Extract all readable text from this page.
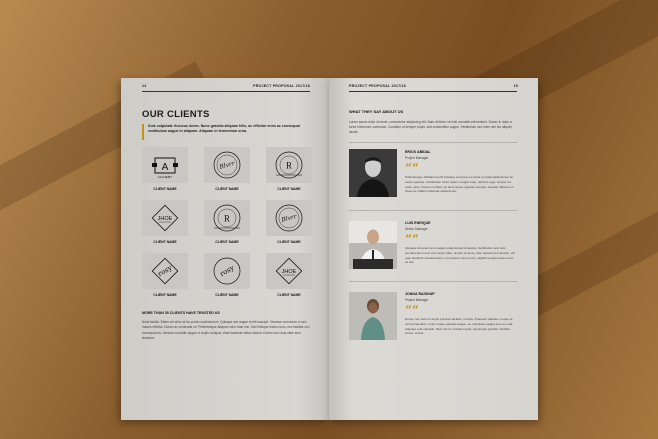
14	PROJECT PROPOSAL 2017/18
OUR CLIENTS
Duis vulputate rhoncus lorem. Nunc gravida aliquam felis, ac efficitur enim ac consequat vestibulum augue in aliquam. Aliquam in fermentum urna.
A
ALCHEMY
CLIENT NAME
Blvrr
CLIENT NAME
R
CLIENT NAME
JHOE
CLIENT NAME
R
CLIENT NAME
Blvrr
CLIENT NAME
rosy
CLIENT NAME
rosy
CLIENT NAME
JHOE
CLIENT NAME
MORE THAN 35 CLIENTS HAVE TRUSTED US
Nulla facilisi. Etiam vel dolor at leo porta condimentum. Quisque sed augue et elit suscipit. Vivamus commodo ut sed mauris efficitur. Donec ac venenatis mi. Pellentesque aliquam odio vitae nisi. Sed tristique lectus nunc, nec facilisis orci consequat eu. Aenean convallis augue ut turpis volutpat, vitae faucibus metus lacinia. Donec nec risus vitae sem tincidunt.
PROJECT PROPOSAL 2017/18	15
WHAT THEY SAY ABOUT US
Lorem ipsum dolor sit amet, consectetur adipiscing elit. Nam at libero vel nisl convallis elementum. Donec in dolor a tortor bibendum commodo. Curabitur ut semper turpis, sed consectetur augue. Vestibulum nec enim nec leo aliquet iaculis.
ERICK ABIDAL
Project Manager
““
Pellentesque habitant morbi tristique senectus et netus et malesuada fames ac turpis egestas. Vestibulum tortor quam, feugiat vitae, ultricies eget, tempor sit amet, ante. Donec eu libero sit amet quam egestas semper. Aenean ultricies mi vitae est. Mauris placerat eleifend leo.
LUIS ENRIQUE
Senior Manager
““
Quisque sit amet est et sapien ullamcorper pharetra. Vestibulum erat wisi, condimentum sed, commodo vitae, ornare sit amet, wisi. Aenean fermentum, elit eget tincidunt condimentum, eros ipsum rutrum orci, sagittis tempus lacus enim ac dui.
JONNA RAISHAP
Project Manager
““
Donec non enim in turpis pulvinar facilisis. Ut felis. Praesent dapibus, neque id cursus faucibus, tortor neque egestas augue, eu vulputate magna eros eu erat. Aliquam erat volutpat. Nam dui mi, tincidunt quis, accumsan porttitor, facilisis luctus, metus.
